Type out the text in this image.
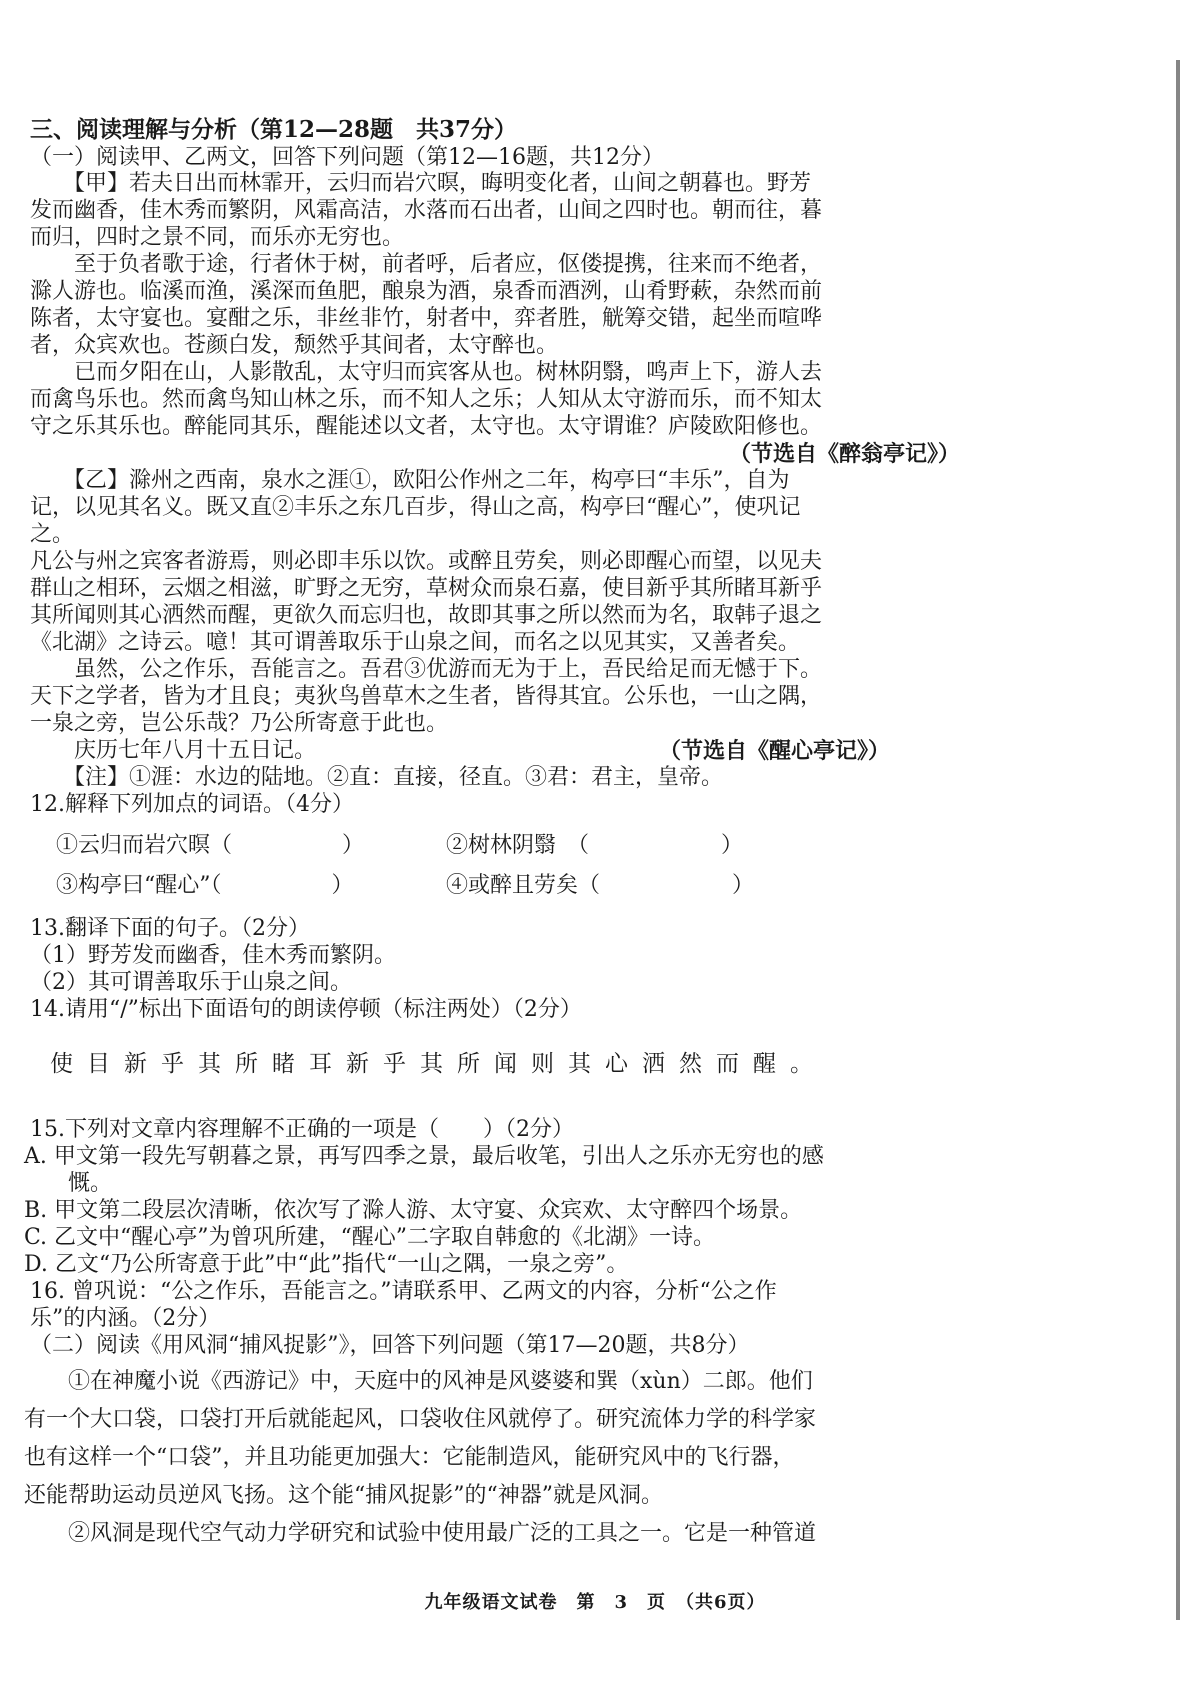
三、阅读理解与分析（第12—28题　共37分）
（一）阅读甲、乙两文，回答下列问题（第12—16题，共12分）
　　【甲】若夫日出而林霏开，云归而岩穴暝，晦明变化者，山间之朝暮也。野芳
发而幽香，佳木秀而繁阴，风霜高洁，水落而石出者，山间之四时也。朝而往，暮
而归，四时之景不同，而乐亦无穷也。
　　至于负者歌于途，行者休于树，前者呼，后者应，伛偻提携，往来而不绝者，
滁人游也。临溪而渔，溪深而鱼肥，酿泉为酒，泉香而酒洌，山肴野蔌，杂然而前
陈者，太守宴也。宴酣之乐，非丝非竹，射者中，弈者胜，觥筹交错，起坐而喧哗
者，众宾欢也。苍颜白发，颓然乎其间者，太守醉也。
　　已而夕阳在山，人影散乱，太守归而宾客从也。树林阴翳，鸣声上下，游人去
而禽鸟乐也。然而禽鸟知山林之乐，而不知人之乐；人知从太守游而乐，而不知太
守之乐其乐也。醉能同其乐，醒能述以文者，太守也。太守谓谁？庐陵欧阳修也。
（节选自《醉翁亭记》）
　　【乙】滁州之西南，泉水之涯①，欧阳公作州之二年，构亭曰“丰乐”，自为
记，以见其名义。既又直②丰乐之东几百步，得山之高，构亭曰“醒心”，使巩记
之。
凡公与州之宾客者游焉，则必即丰乐以饮。或醉且劳矣，则必即醒心而望，以见夫
群山之相环，云烟之相滋，旷野之无穷，草树众而泉石嘉，使目新乎其所睹耳新乎
其所闻则其心洒然而醒，更欲久而忘归也，故即其事之所以然而为名，取韩子退之
《北湖》之诗云。噫！其可谓善取乐于山泉之间，而名之以见其实，又善者矣。
　　虽然，公之作乐，吾能言之。吾君③优游而无为于上，吾民给足而无憾于下。
天下之学者，皆为才且良；夷狄鸟兽草木之生者，皆得其宜。公乐也，一山之隅，
一泉之旁，岂公乐哉？乃公所寄意于此也。
　　庆历七年八月十五日记。	（节选自《醒心亭记》）
　　【注】①涯：水边的陆地。②直：直接，径直。③君：君主，皇帝。
12.解释下列加点的词语。（4分）
①云归而岩穴暝（　　　　　）	②树林阴翳　（　　　　　　）
③构亭曰“醒心”（　　　　　）	④或醉且劳矣（　　　　　　）
13.翻译下面的句子。（2分）
（1）野芳发而幽香，佳木秀而繁阴。
（2）其可谓善取乐于山泉之间。
14.请用“/”标出下面语句的朗读停顿（标注两处）（2分）
使目新乎其所睹耳新乎其所闻则其心洒然而醒。
15.下列对文章内容理解不正确的一项是（　　）（2分）
A. 甲文第一段先写朝暮之景，再写四季之景，最后收笔，引出人之乐亦无穷也的感
　　慨。
B. 甲文第二段层次清晰，依次写了滁人游、太守宴、众宾欢、太守醉四个场景。
C. 乙文中“醒心亭”为曾巩所建，“醒心”二字取自韩愈的《北湖》一诗。
D. 乙文“乃公所寄意于此”中“此”指代“一山之隅，一泉之旁”。
16. 曾巩说：“公之作乐，吾能言之。”请联系甲、乙两文的内容，分析“公之作
乐”的内涵。（2分）
（二）阅读《用风洞“捕风捉影”》，回答下列问题（第17—20题，共8分）
　　①在神魔小说《西游记》中，天庭中的风神是风婆婆和巽（xùn）二郎。他们
有一个大口袋，口袋打开后就能起风，口袋收住风就停了。研究流体力学的科学家
也有这样一个“口袋”，并且功能更加强大：它能制造风，能研究风中的飞行器，
还能帮助运动员逆风飞扬。这个能“捕风捉影”的“神器”就是风洞。
　　②风洞是现代空气动力学研究和试验中使用最广泛的工具之一。它是一种管道
九年级语文试卷　第　3　页　（共6页）
